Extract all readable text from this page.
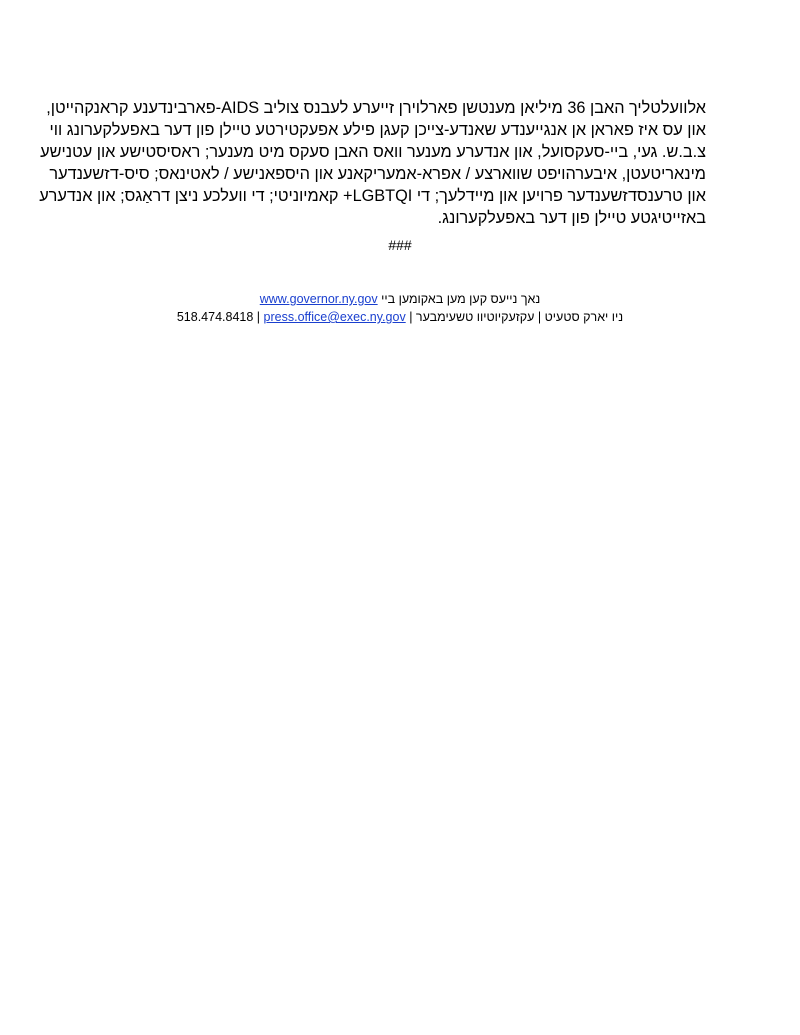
אלוועלטליך האבן 36 מיליאן מענטשן פארלוירן זייערע לעבנס צוליב AIDS-פארבינדענע קראנקהייטן,
און עס איז פאראן אן אנגייענדע שאנדע-צייכן קעגן פילע אפעקטירטע טיילן פון דער באפעלקערונג ווי
צ.ב.ש. געי, ביי-סעקסועל, און אנדערע מענער וואס האבן סעקס מיט מענער; ראסיסטישע און עטנישע
מינאריטעטן, איבערהויפט שווארצע / אפרא-אמעריקאנע און היספאנישע / לאטינאס; סיס-דזשענדער
און טרענסדזשענדער פרויען און מיידלעך; די LGBTQI+ קאמיוניטי; די וועלכע ניצן דראַגס; און אנדערע
באזייטיגטע טיילן פון דער באפעלקערונג.

###

נאך נייעס קען מען באקומען ביי www.governor.ny.gov
ניו יארק סטעיט | עקזעקיוטיוו טשעימבער | press.office@exec.ny.gov | 518.474.8418
